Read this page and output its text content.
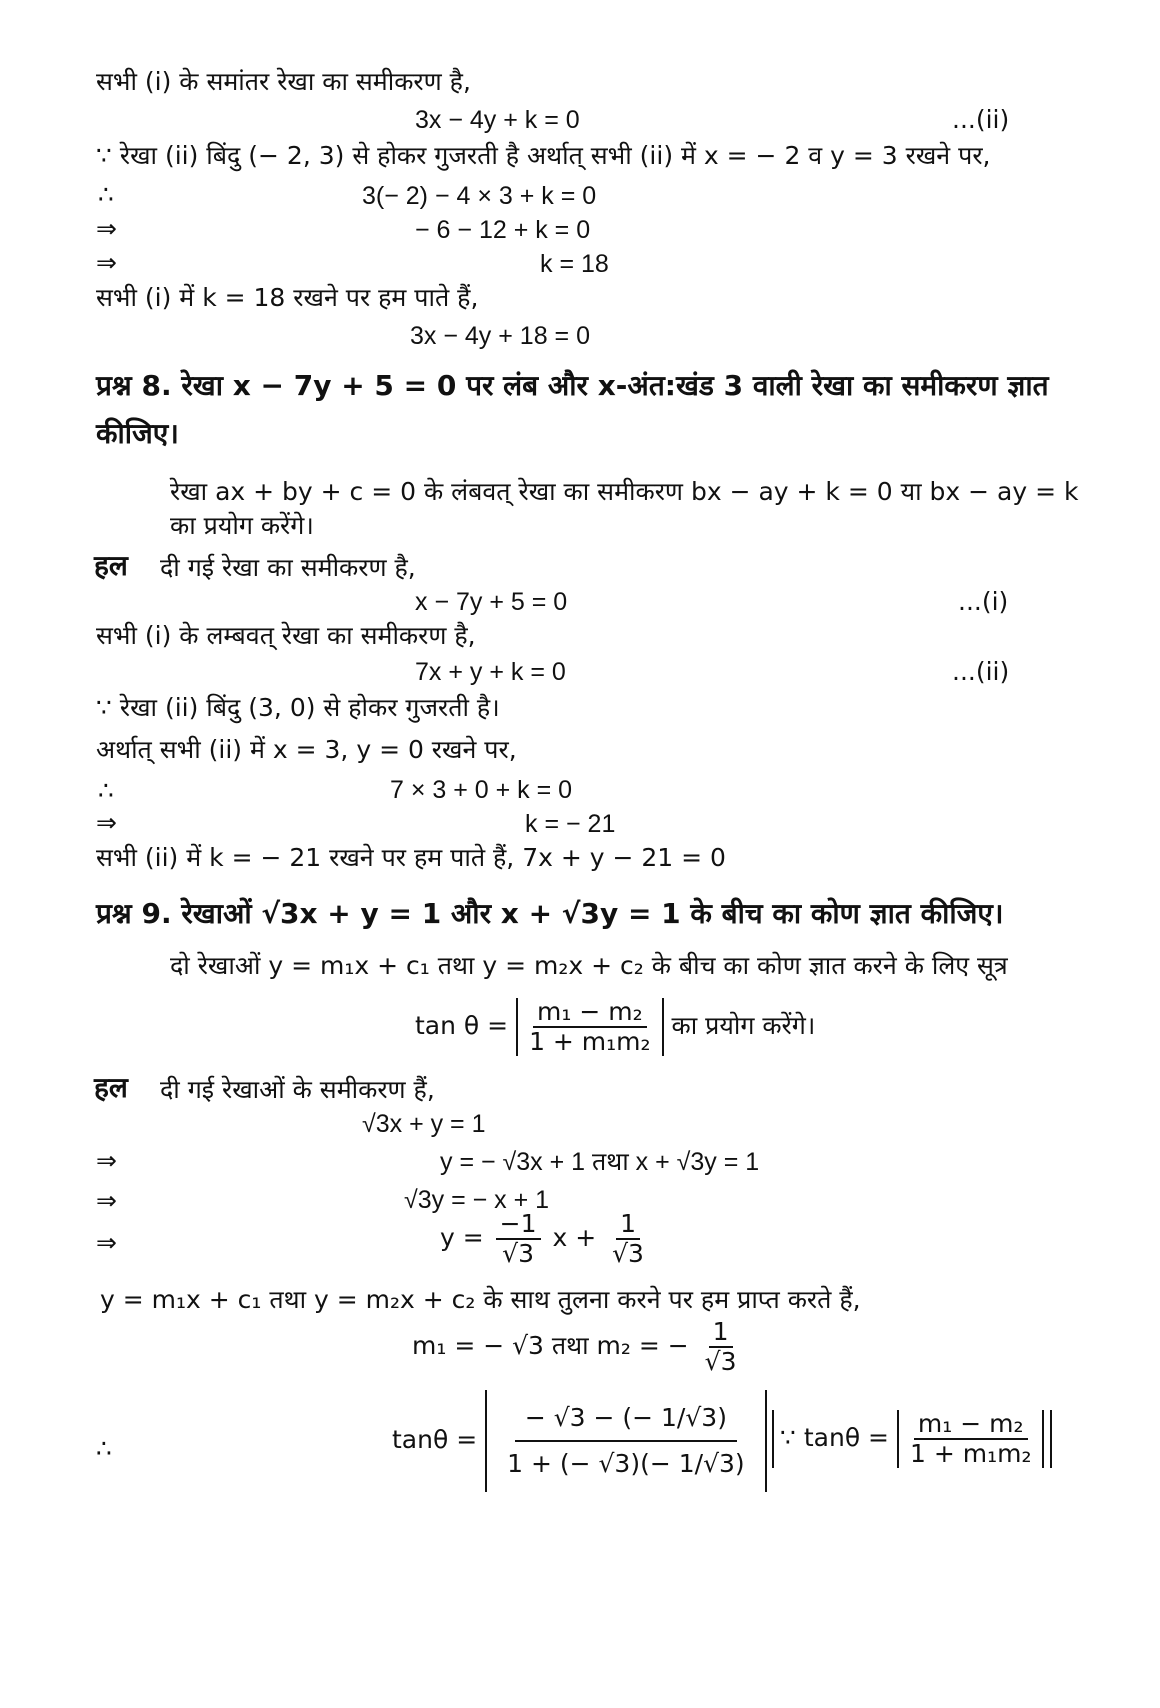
सभी (i) के समांतर रेखा का समीकरण है,
3x − 4y + k = 0	...(ii)
∵ रेखा (ii) बिंदु (− 2, 3) से होकर गुजरती है अर्थात् सभी (ii) में x = − 2 व y = 3 रखने पर,
∴	3(− 2) − 4 × 3 + k = 0
⇒	− 6 − 12 + k = 0
⇒	k = 18
सभी (i) में k = 18 रखने पर हम पाते हैं,
3x − 4y + 18 = 0
प्रश्न 8. रेखा x − 7y + 5 = 0 पर लंब और x-अंत:खंड 3 वाली रेखा का समीकरण ज्ञात
कीजिए।
रेखा ax + by + c = 0 के लंबवत् रेखा का समीकरण bx − ay + k = 0 या bx − ay = k
का प्रयोग करेंगे।
हल दी गई रेखा का समीकरण है,
x − 7y + 5 = 0	...(i)
सभी (i) के लम्बवत् रेखा का समीकरण है,
7x + y + k = 0	...(ii)
∵ रेखा (ii) बिंदु (3, 0) से होकर गुजरती है।
अर्थात् सभी (ii) में x = 3, y = 0 रखने पर,
∴	7 × 3 + 0 + k = 0
⇒	k = − 21
सभी (ii) में k = − 21 रखने पर हम पाते हैं, 7x + y − 21 = 0
प्रश्न 9. रेखाओं √3x + y = 1 और x + √3y = 1 के बीच का कोण ज्ञात कीजिए।
दो रेखाओं y = m₁x + c₁ तथा y = m₂x + c₂ के बीच का कोण ज्ञात करने के लिए सूत्र
$\tan \theta = \frac{\text{m₁ − m₂}}{\text{1 + m₁m₂}}$ का प्रयोग करेंगे।
हल दी गई रेखाओं के समीकरण हैं,
√3x + y = 1
⇒	y = − √3x + 1 तथा x + √3y = 1
⇒	√3y = − x + 1
⇒	$y = \frac{-1}{√3}$ $x + \frac{1}{√3}$
y = m₁x + c₁ तथा y = m₂x + c₂ के साथ तुलना करने पर हम प्राप्त करते हैं,
m₁ = − √3 तथा m₂ = − $\frac{1}{√3}$
∴	$\tan\theta = \frac{- √3 - (- 1/√3)}{1 + (- √3)(- 1/√3)}$	∵ $\tan\theta = \frac{\text{m₁ − m₂}}{\text{1 + m₁m₂}}$
